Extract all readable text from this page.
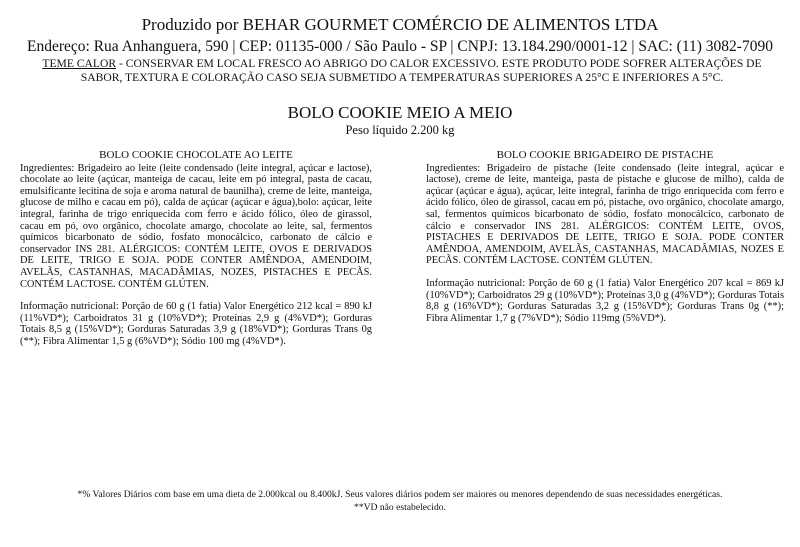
Produzido por BEHAR GOURMET COMÉRCIO DE ALIMENTOS LTDA
Endereço: Rua Anhanguera, 590 | CEP: 01135-000 / São Paulo - SP | CNPJ: 13.184.290/0001-12 | SAC: (11) 3082-7090
TEME CALOR - CONSERVAR EM LOCAL FRESCO AO ABRIGO DO CALOR EXCESSIVO. ESTE PRODUTO PODE SOFRER ALTERAÇÕES DE SABOR, TEXTURA E COLORAÇÃO CASO SEJA SUBMETIDO A TEMPERATURAS SUPERIORES A 25°C E INFERIORES A 5°C.
BOLO COOKIE MEIO A MEIO
Peso líquido 2.200 kg
BOLO COOKIE CHOCOLATE AO LEITE
Ingredientes: Brigadeiro ao leite (leite condensado (leite integral, açúcar e lactose), chocolate ao leite (açúcar, manteiga de cacau, leite em pó integral, pasta de cacau, emulsificante lecitina de soja e aroma natural de baunilha), creme de leite, manteiga, glucose de milho e cacau em pó), calda de açúcar (açúcar e água),bolo: açúcar, leite integral, farinha de trigo enriquecida com ferro e ácido fólico, óleo de girassol, cacau em pó, ovo orgânico, chocolate amargo, chocolate ao leite, sal, fermentos químicos bicarbonato de sódio, fosfato monocálcico, carbonato de cálcio e conservador INS 281. ALÉRGICOS: CONTÉM LEITE, OVOS E DERIVADOS DE LEITE, TRIGO E SOJA. PODE CONTER AMÊNDOA, AMENDOIM, AVELÃS, CASTANHAS, MACADÂMIAS, NOZES, PISTACHES E PECÃS. CONTÉM LACTOSE. CONTÉM GLÚTEN.
Informação nutricional: Porção de 60 g (1 fatia) Valor Energético 212 kcal = 890 kJ (11%VD*); Carboidratos 31 g (10%VD*); Proteínas 2,9 g (4%VD*); Gorduras Totais 8,5 g (15%VD*); Gorduras Saturadas 3,9 g (18%VD*); Gorduras Trans 0g (**); Fibra Alimentar 1,5 g (6%VD*); Sódio 100 mg (4%VD*).
BOLO COOKIE BRIGADEIRO DE PISTACHE
Ingredientes: Brigadeiro de pistache (leite condensado (leite integral, açúcar e lactose), creme de leite, manteiga, pasta de pistache e glucose de milho), calda de açúcar (açúcar e água), açúcar, leite integral, farinha de trigo enriquecida com ferro e ácido fólico, óleo de girassol, cacau em pó, pistache, ovo orgânico, chocolate amargo, sal, fermentos químicos bicarbonato de sódio, fosfato monocálcico, carbonato de cálcio e conservador INS 281. ALÉRGICOS: CONTÉM LEITE, OVOS, PISTACHES E DERIVADOS DE LEITE, TRIGO E SOJA. PODE CONTER AMÊNDOA, AMENDOIM, AVELÃS, CASTANHAS, MACADÂMIAS, NOZES E PECÃS. CONTÉM LACTOSE. CONTÉM GLÚTEN.
Informação nutricional: Porção de 60 g (1 fatia) Valor Energético 207 kcal = 869 kJ (10%VD*); Carboidratos 29 g (10%VD*); Proteínas 3,0 g (4%VD*); Gorduras Totais 8,8 g (16%VD*); Gorduras Saturadas 3,2 g (15%VD*); Gorduras Trans 0g (**); Fibra Alimentar 1,7 g (7%VD*); Sódio 119mg (5%VD*).
*% Valores Diários com base em uma dieta de 2.000kcal ou 8.400kJ. Seus valores diários podem ser maiores ou menores dependendo de suas necessidades energéticas.
**VD não estabelecido.
